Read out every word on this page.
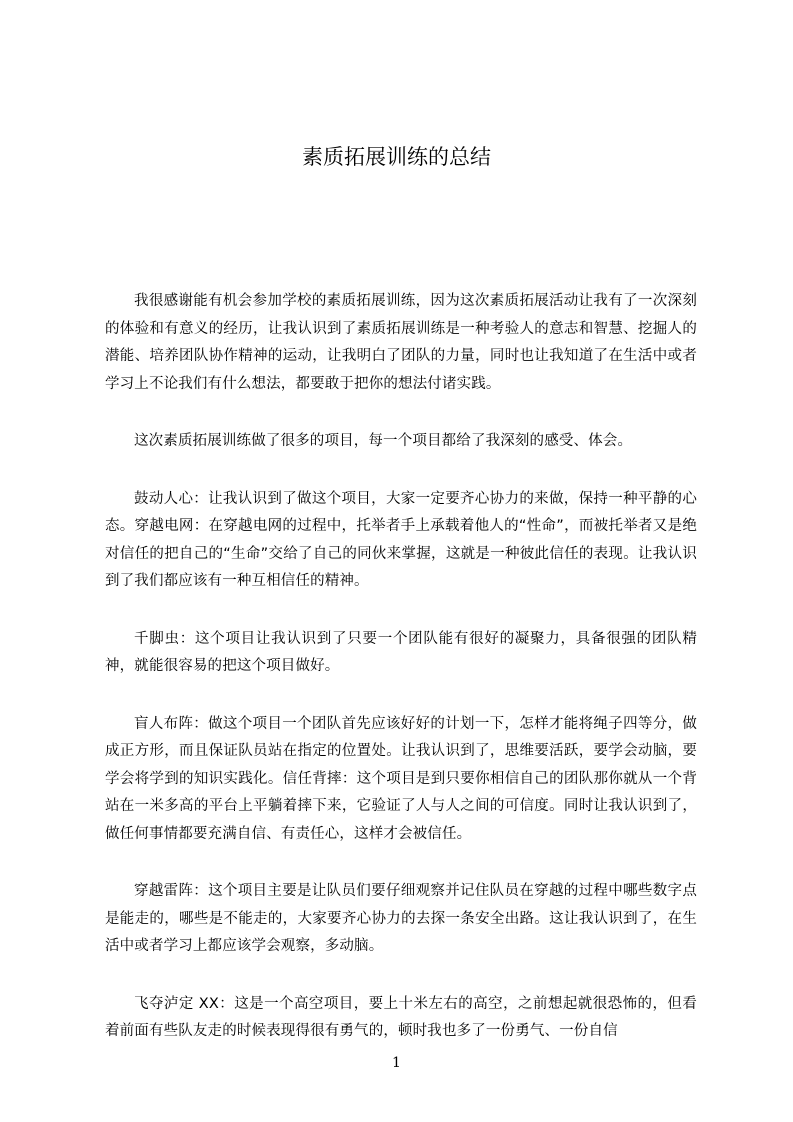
素质拓展训练的总结

我很感谢能有机会参加学校的素质拓展训练，因为这次素质拓展活动让我有了一次深刻的体验和有意义的经历，让我认识到了素质拓展训练是一种考验人的意志和智慧、挖掘人的潜能、培养团队协作精神的运动，让我明白了团队的力量，同时也让我知道了在生活中或者学习上不论我们有什么想法，都要敢于把你的想法付诸实践。

这次素质拓展训练做了很多的项目，每一个项目都给了我深刻的感受、体会。

鼓动人心：让我认识到了做这个项目，大家一定要齐心协力的来做，保持一种平静的心态。穿越电网：在穿越电网的过程中，托举者手上承载着他人的“性命”，而被托举者又是绝对信任的把自己的“生命”交给了自己的同伙来掌握，这就是一种彼此信任的表现。让我认识到了我们都应该有一种互相信任的精神。

千脚虫：这个项目让我认识到了只要一个团队能有很好的凝聚力，具备很强的团队精神，就能很容易的把这个项目做好。

盲人布阵：做这个项目一个团队首先应该好好的计划一下，怎样才能将绳子四等分，做成正方形，而且保证队员站在指定的位置处。让我认识到了，思维要活跃，要学会动脑，要学会将学到的知识实践化。信任背摔：这个项目是到只要你相信自己的团队那你就从一个背站在一米多高的平台上平躺着摔下来，它验证了人与人之间的可信度。同时让我认识到了，做任何事情都要充满自信、有责任心，这样才会被信任。

穿越雷阵：这个项目主要是让队员们要仔细观察并记住队员在穿越的过程中哪些数字点是能走的，哪些是不能走的，大家要齐心协力的去探一条安全出路。这让我认识到了，在生活中或者学习上都应该学会观察，多动脑。

飞夺泸定 XX：这是一个高空项目，要上十米左右的高空，之前想起就很恐怖的，但看着前面有些队友走的时候表现得很有勇气的，顿时我也多了一份勇气、一份自信

1
